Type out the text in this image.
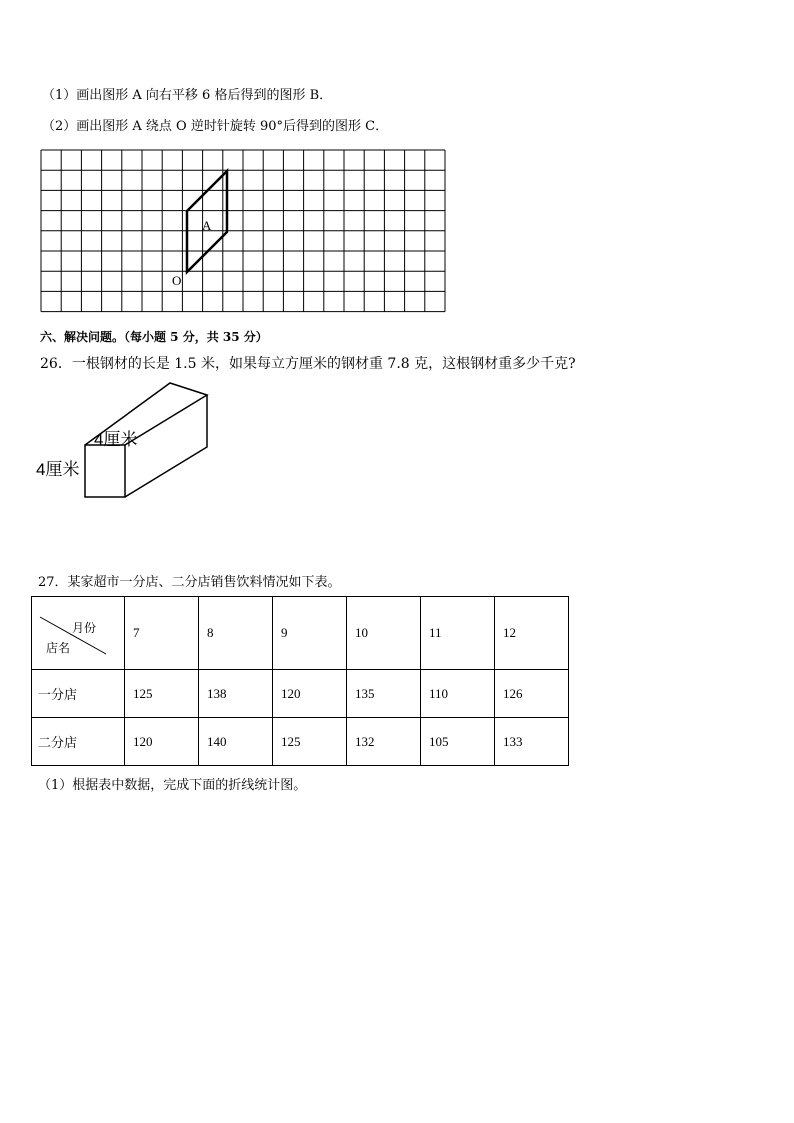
（1）画出图形 A 向右平移 6 格后得到的图形 B．
（2）画出图形 A 绕点 O 逆时针旋转 90°后得到的图形 C．
A
O
六、解决问题。（每小题 5 分，共 35 分）
26．一根钢材的长是 1.5 米，如果每立方厘米的钢材重 7.8 克，这根钢材重多少千克?
4厘米
4厘米
27．某家超市一分店、二分店销售饮料情况如下表。
月份
店名	7	8	9	10	11	12
一分店	125	138	120	135	110	126
二分店	120	140	125	132	105	133
（1）根据表中数据，完成下面的折线统计图。
